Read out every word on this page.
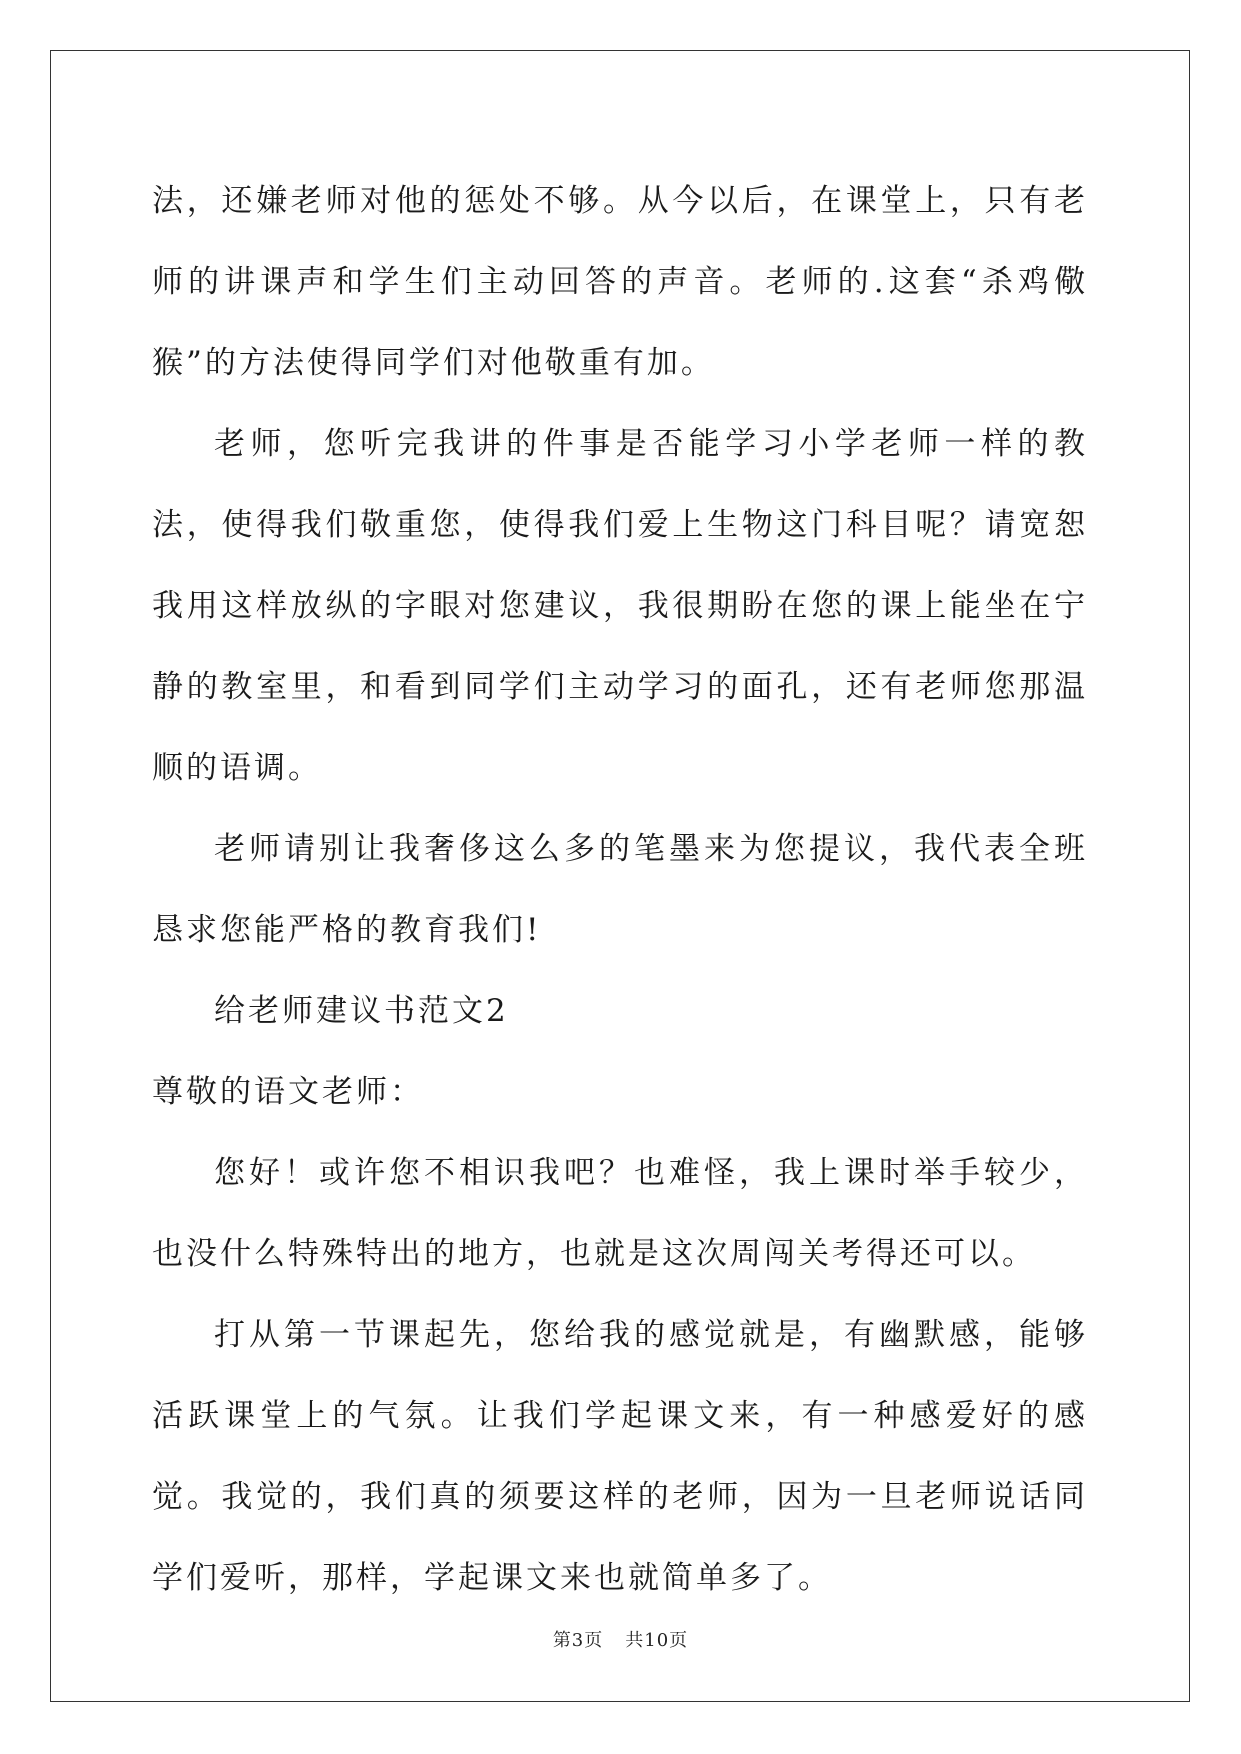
法，还嫌老师对他的惩处不够。从今以后，在课堂上，只有老师的讲课声和学生们主动回答的声音。老师的.这套“杀鸡儆猴”的方法使得同学们对他敬重有加。

老师，您听完我讲的件事是否能学习小学老师一样的教法，使得我们敬重您，使得我们爱上生物这门科目呢？请宽恕我用这样放纵的字眼对您建议，我很期盼在您的课上能坐在宁静的教室里，和看到同学们主动学习的面孔，还有老师您那温顺的语调。

老师请别让我奢侈这么多的笔墨来为您提议，我代表全班恳求您能严格的教育我们!

给老师建议书范文2

尊敬的语文老师：

您好！或许您不相识我吧？也难怪，我上课时举手较少，也没什么特殊特出的地方，也就是这次周闯关考得还可以。

打从第一节课起先，您给我的感觉就是，有幽默感，能够活跃课堂上的气氛。让我们学起课文来，有一种感爱好的感觉。我觉的，我们真的须要这样的老师，因为一旦老师说话同学们爱听，那样，学起课文来也就简单多了。

第3页 共10页
